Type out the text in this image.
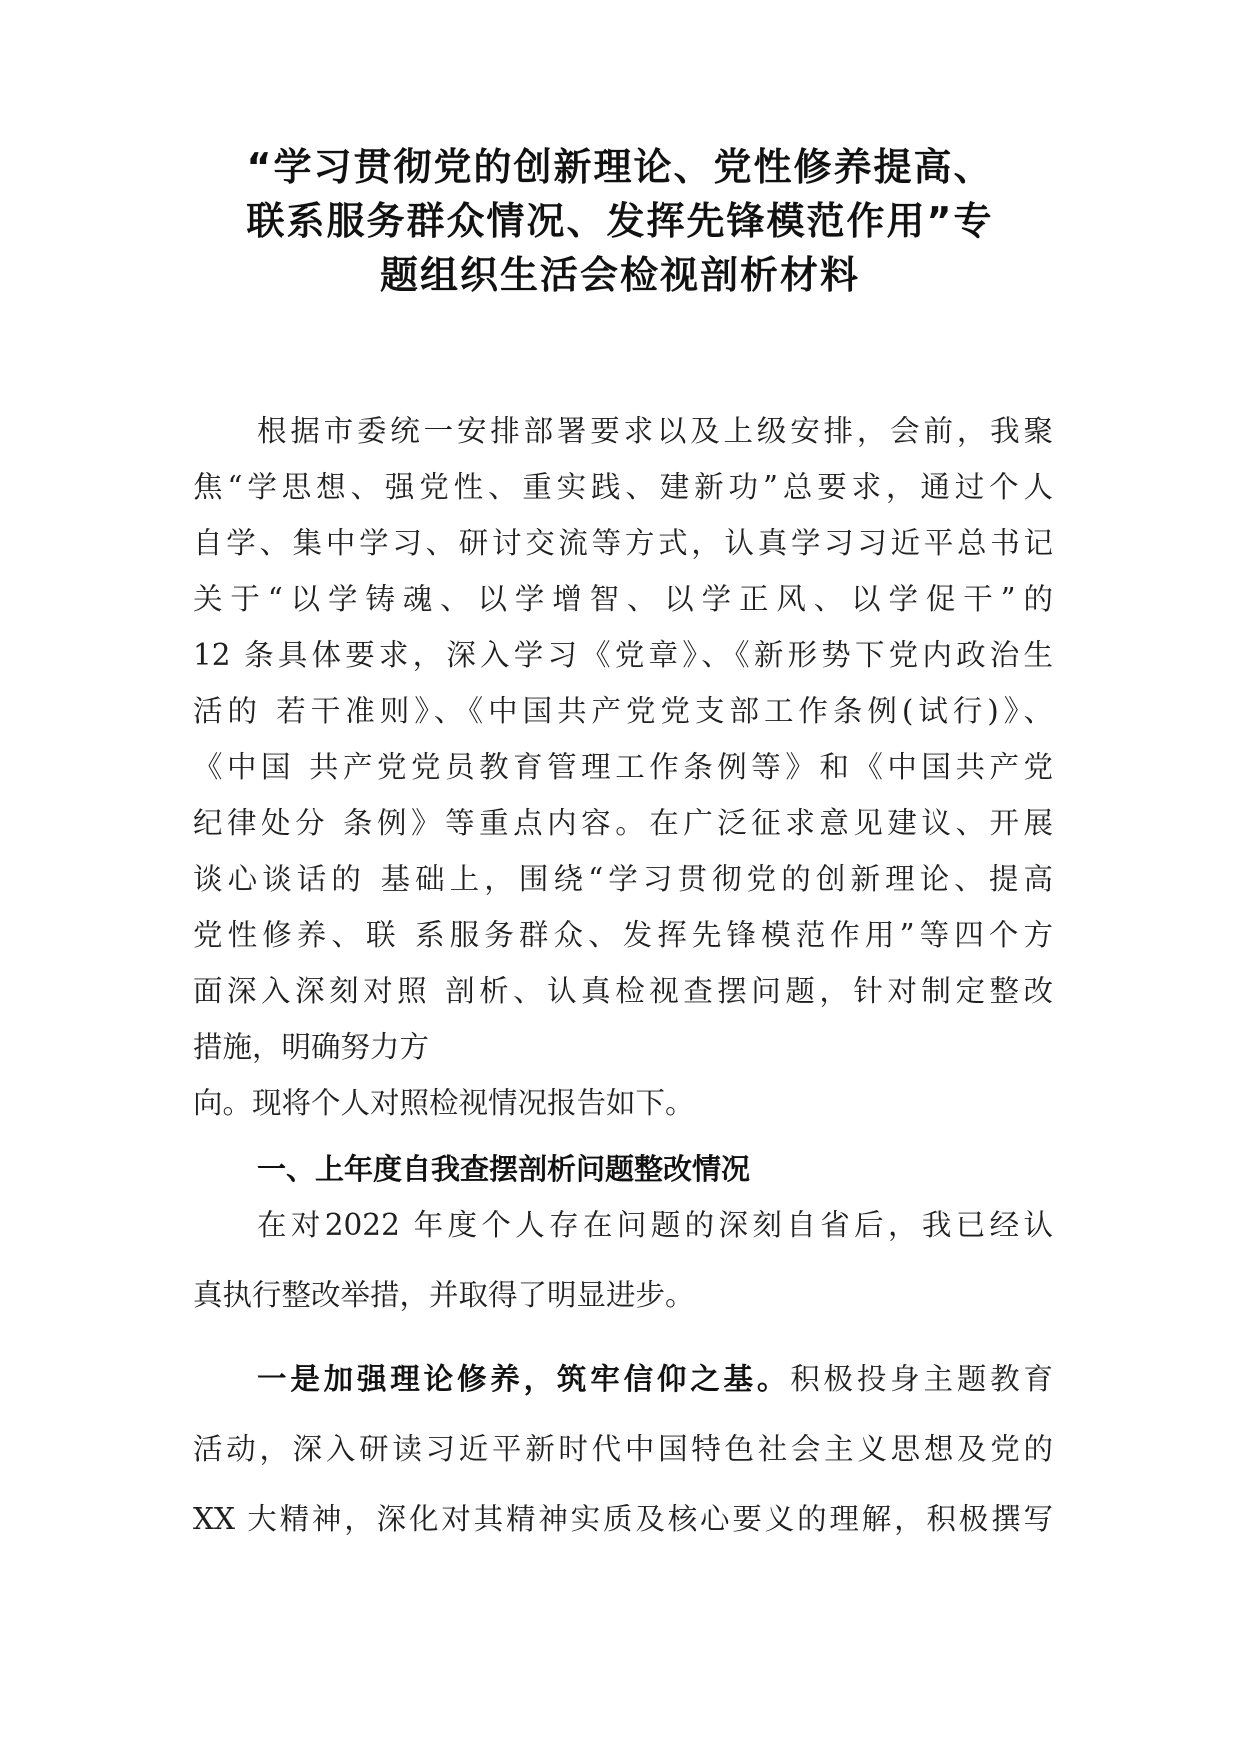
“学习贯彻党的创新理论、党性修养提高、
联系服务群众情况、发挥先锋模范作用”专
题组织生活会检视剖析材料
根据市委统一安排部署要求以及上级安排，会前，我聚
焦“学思想、强党性、重实践、建新功”总要求，通过个人
自学、集中学习、研讨交流等方式，认真学习习近平总书记
关于“以学铸魂、以学增智、以学正风、以学促干”的
12 条具体要求，深入学习《党章》、《新形势下党内政治生
活的 若干准则》、《中国共产党党支部工作条例(试行)》、
《中国 共产党党员教育管理工作条例等》和《中国共产党
纪律处分 条例》等重点内容。在广泛征求意见建议、开展
谈心谈话的 基础上，围绕“学习贯彻党的创新理论、提高
党性修养、联 系服务群众、发挥先锋模范作用”等四个方
面深入深刻对照 剖析、认真检视查摆问题，针对制定整改
措施，明确努力方
向。现将个人对照检视情况报告如下。
一、上年度自我查摆剖析问题整改情况
在对2022 年度个人存在问题的深刻自省后，我已经认
真执行整改举措，并取得了明显进步。
一是加强理论修养，筑牢信仰之基。积极投身主题教育
活动，深入研读习近平新时代中国特色社会主义思想及党的
XX 大精神，深化对其精神实质及核心要义的理解，积极撰写
